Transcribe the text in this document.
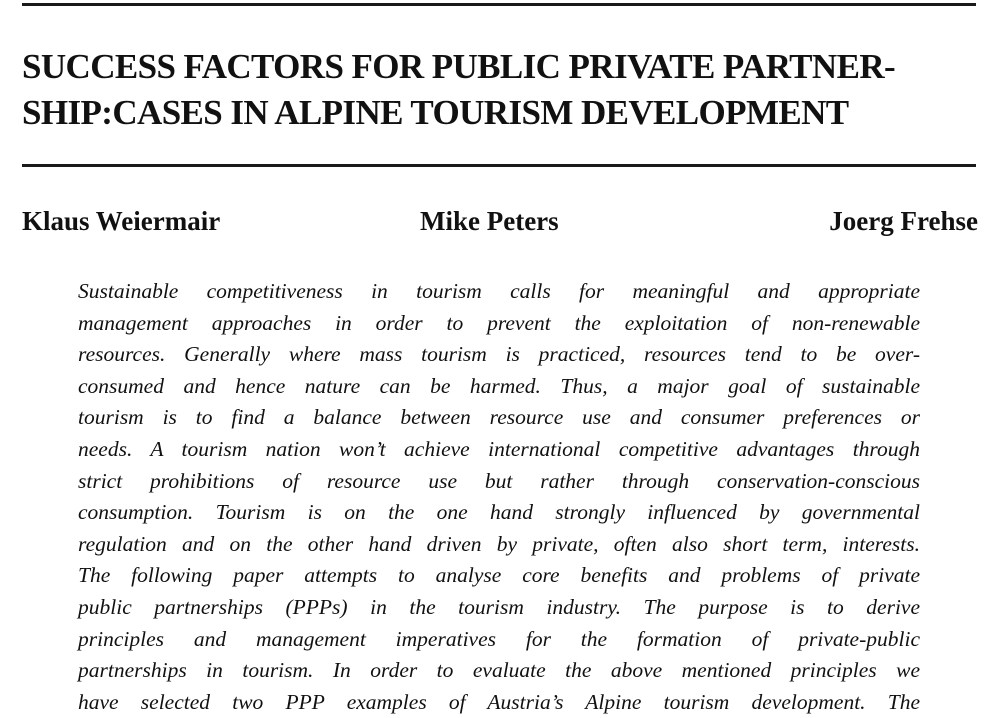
SUCCESS FACTORS FOR PUBLIC PRIVATE PARTNER-
SHIP:CASES IN ALPINE TOURISM DEVELOPMENT
Klaus Weiermair	Mike Peters	Joerg Frehse
Sustainable competitiveness in tourism calls for meaningful and appropriate
management approaches in order to prevent the exploitation of non-renewable
resources. Generally where mass tourism is practiced, resources tend to be over-
consumed and hence nature can be harmed. Thus, a major goal of sustainable
tourism is to find a balance between resource use and consumer preferences or
needs. A tourism nation won’t achieve international competitive advantages through
strict prohibitions of resource use but rather through conservation-conscious
consumption. Tourism is on the one hand strongly influenced by governmental
regulation and on the other hand driven by private, often also short term, interests.
The following paper attempts to analyse core benefits and problems of private
public partnerships (PPPs) in the tourism industry. The purpose is to derive
principles and management imperatives for the formation of private-public
partnerships in tourism. In order to evaluate the above mentioned principles we
have selected two PPP examples of Austria’s Alpine tourism development. The
